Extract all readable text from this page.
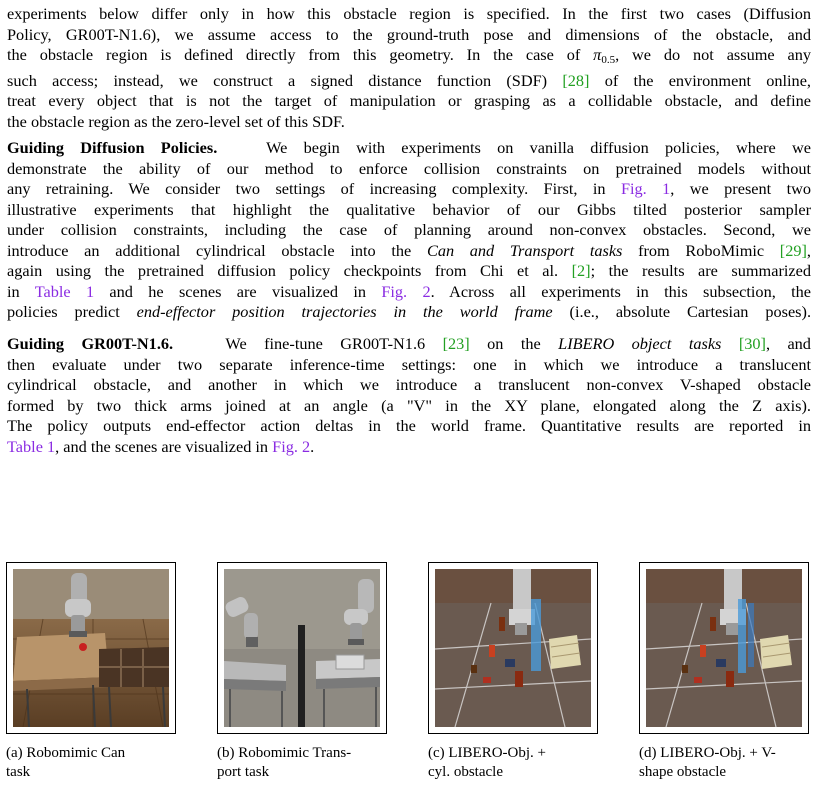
experiments below differ only in how this obstacle region is specified. In the first two cases (Diffusion
Policy, GR00T-N1.6), we assume access to the ground-truth pose and dimensions of the obstacle, and
the obstacle region is defined directly from this geometry. In the case of $\pi_{0.5}$, we do not assume any
such access; instead, we construct a signed distance function (SDF) [28] of the environment online,
treat every object that is not the target of manipulation or grasping as a collidable obstacle, and define
the obstacle region as the zero-level set of this SDF.
Guiding Diffusion Policies.	We begin with experiments on vanilla diffusion policies, where we
demonstrate the ability of our method to enforce collision constraints on pretrained models without
any retraining. We consider two settings of increasing complexity. First, in Fig. 1, we present two
illustrative experiments that highlight the qualitative behavior of our Gibbs tilted posterior sampler
under collision constraints, including the case of planning around non-convex obstacles. Second, we
introduce an additional cylindrical obstacle into the Can and Transport tasks from RoboMimic [29],
again using the pretrained diffusion policy checkpoints from Chi et al. [2]; the results are summarized
in Table 1 and he scenes are visualized in Fig. 2. Across all experiments in this subsection, the
policies predict end-effector position trajectories in the world frame (i.e., absolute Cartesian poses).
Guiding GR00T-N1.6.	We fine-tune GR00T-N1.6 [23] on the LIBERO object tasks [30], and
then evaluate under two separate inference-time settings: one in which we introduce a translucent
cylindrical obstacle, and another in which we introduce a translucent non-convex V-shaped obstacle
formed by two thick arms joined at an angle (a "V" in the XY plane, elongated along the Z axis).
The policy outputs end-effector action deltas in the world frame. Quantitative results are reported in
Table 1, and the scenes are visualized in Fig. 2.
(a) Robomimic Can
task
(b) Robomimic Trans-
port task
(c) LIBERO-Obj. +
cyl. obstacle
(d) LIBERO-Obj. + V-
shape obstacle
